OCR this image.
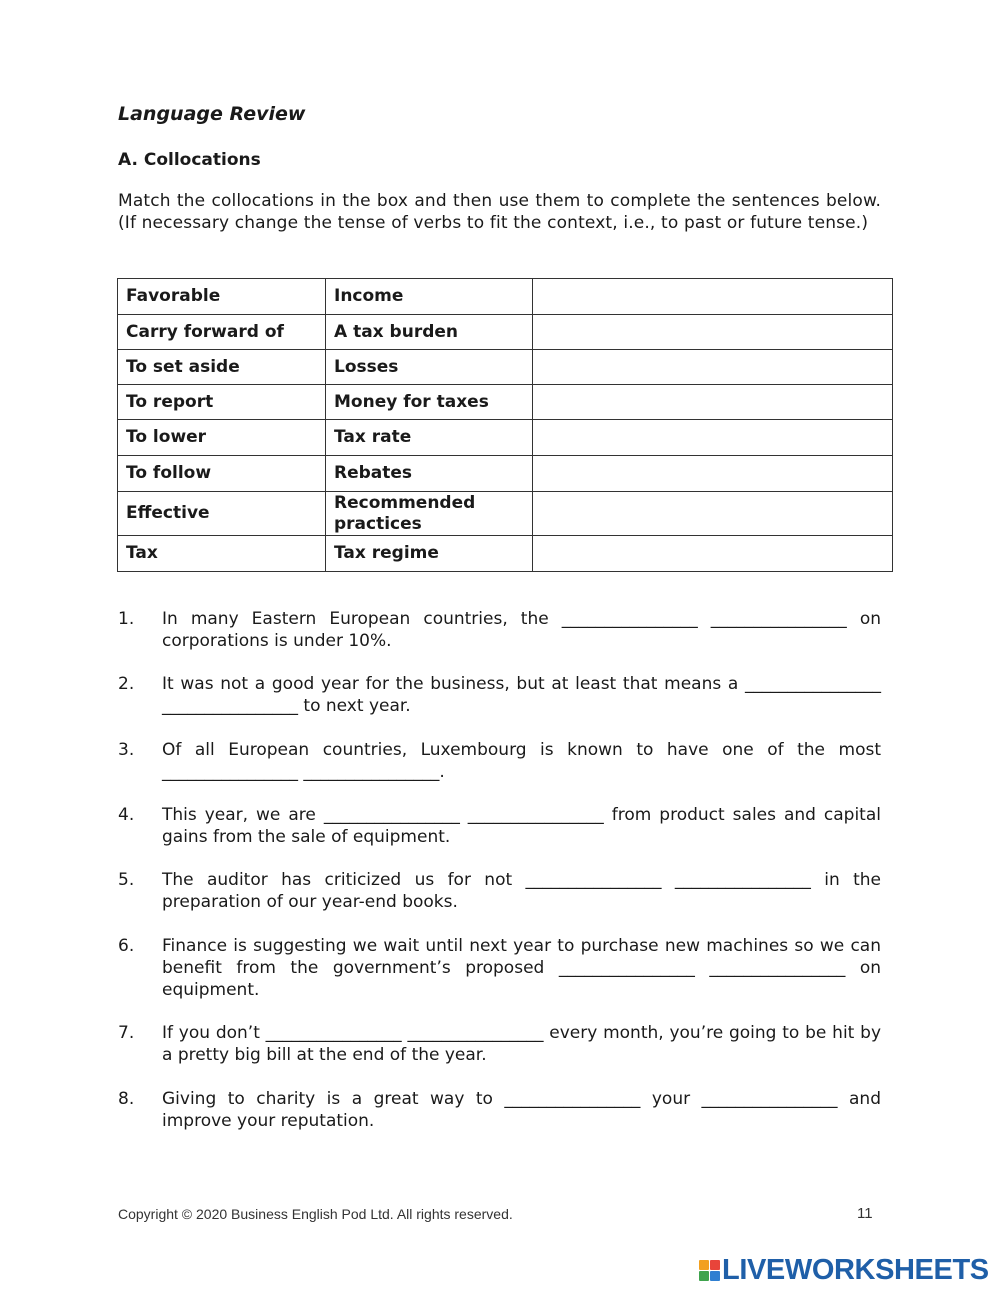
Language Review
A. Collocations

Match the collocations in the box and then use them to complete the sentences below. (If necessary change the tense of verbs to fit the context, i.e., to past or future tense.)

Favorable	Income	
Carry forward of	A tax burden	
To set aside	Losses	
To report	Money for taxes	
To lower	Tax rate	
To follow	Rebates	
Effective	Recommended practices	
Tax	Tax regime	
1. In many Eastern European countries, the ________________ ________________ on corporations is under 10%.
2. It was not a good year for the business, but at least that means a ________________ ________________ to next year.
3. Of all European countries, Luxembourg is known to have one of the most ________________ ________________.
4. This year, we are ________________ ________________ from product sales and capital gains from the sale of equipment.
5. The auditor has criticized us for not ________________ ________________ in the preparation of our year-end books.
6. Finance is suggesting we wait until next year to purchase new machines so we can benefit from the government’s proposed ________________ ________________ on equipment.
7. If you don’t ________________ ________________ every month, you’re going to be hit by a pretty big bill at the end of the year.
8. Giving to charity is a great way to ________________ your ________________ and improve your reputation.
Copyright © 2020 Business English Pod Ltd. All rights reserved.	11
LIVEWORKSHEETS
